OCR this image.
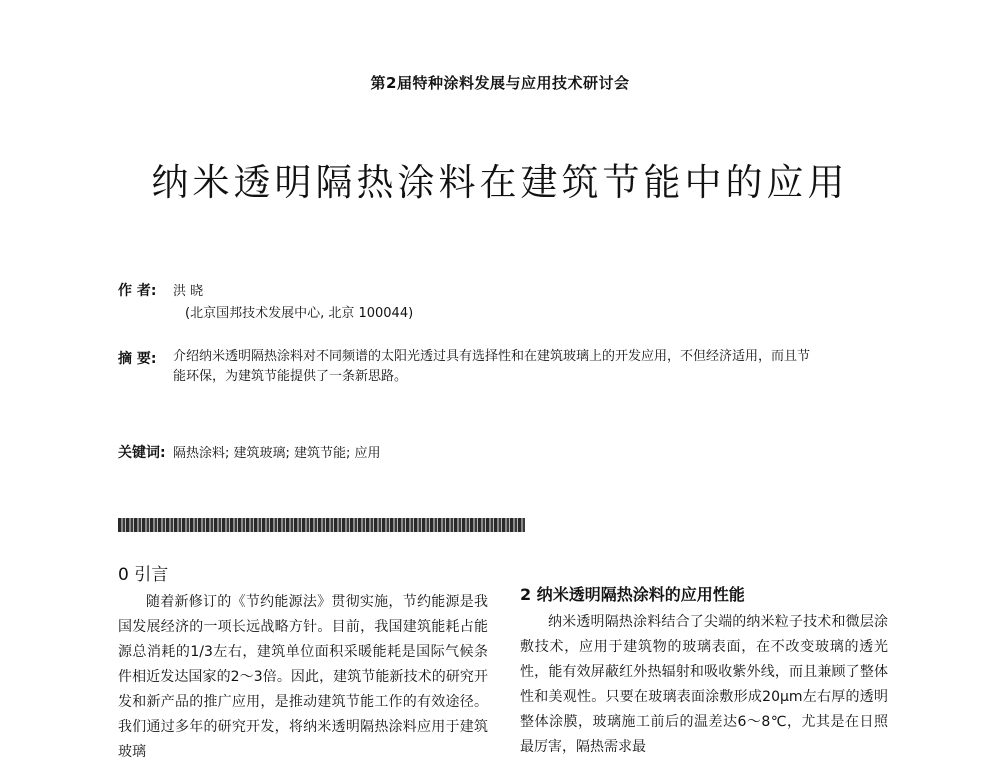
第2届特种涂料发展与应用技术研讨会
纳米透明隔热涂料在建筑节能中的应用
作 者: 洪 晓
(北京国邦技术发展中心, 北京 100044)
摘 要: 介绍纳米透明隔热涂料对不同频谱的太阳光透过具有选择性和在建筑玻璃上的开发应用，不但经济适用，而且节能环保，为建筑节能提供了一条新思路。
关键词: 隔热涂料; 建筑玻璃; 建筑节能; 应用
0 引言
随着新修订的《节约能源法》贯彻实施，节约能源是我国发展经济的一项长远战略方针。目前，我国建筑能耗占能源总消耗的1/3左右，建筑单位面积采暖能耗是国际气候条件相近发达国家的2～3倍。因此，建筑节能新技术的研究开发和新产品的推广应用，是推动建筑节能工作的有效途径。我们通过多年的研究开发，将纳米透明隔热涂料应用于建筑玻璃
2 纳米透明隔热涂料的应用性能
纳米透明隔热涂料结合了尖端的纳米粒子技术和微层涂敷技术，应用于建筑物的玻璃表面，在不改变玻璃的透光性，能有效屏蔽红外热辐射和吸收紫外线，而且兼顾了整体性和美观性。只要在玻璃表面涂敷形成20μm左右厚的透明整体涂膜，玻璃施工前后的温差达6～8℃，尤其是在日照最厉害，隔热需求最
